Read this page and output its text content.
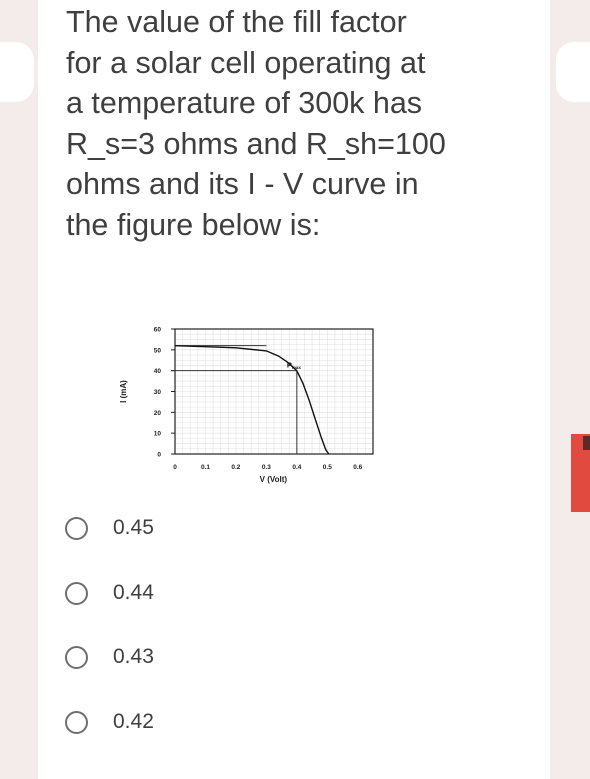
The value of the fill factor
for a solar cell operating at
a temperature of 300k has
R_s=3 ohms and R_sh=100
ohms and its I - V curve in
the figure below is:
0
10
20
30
40
50
60
0	0.1	0.2	0.3	0.4	0.5	0.6
I (mA)
V (Volt)
$P_{max}$
0.45
0.44
0.43
0.42
